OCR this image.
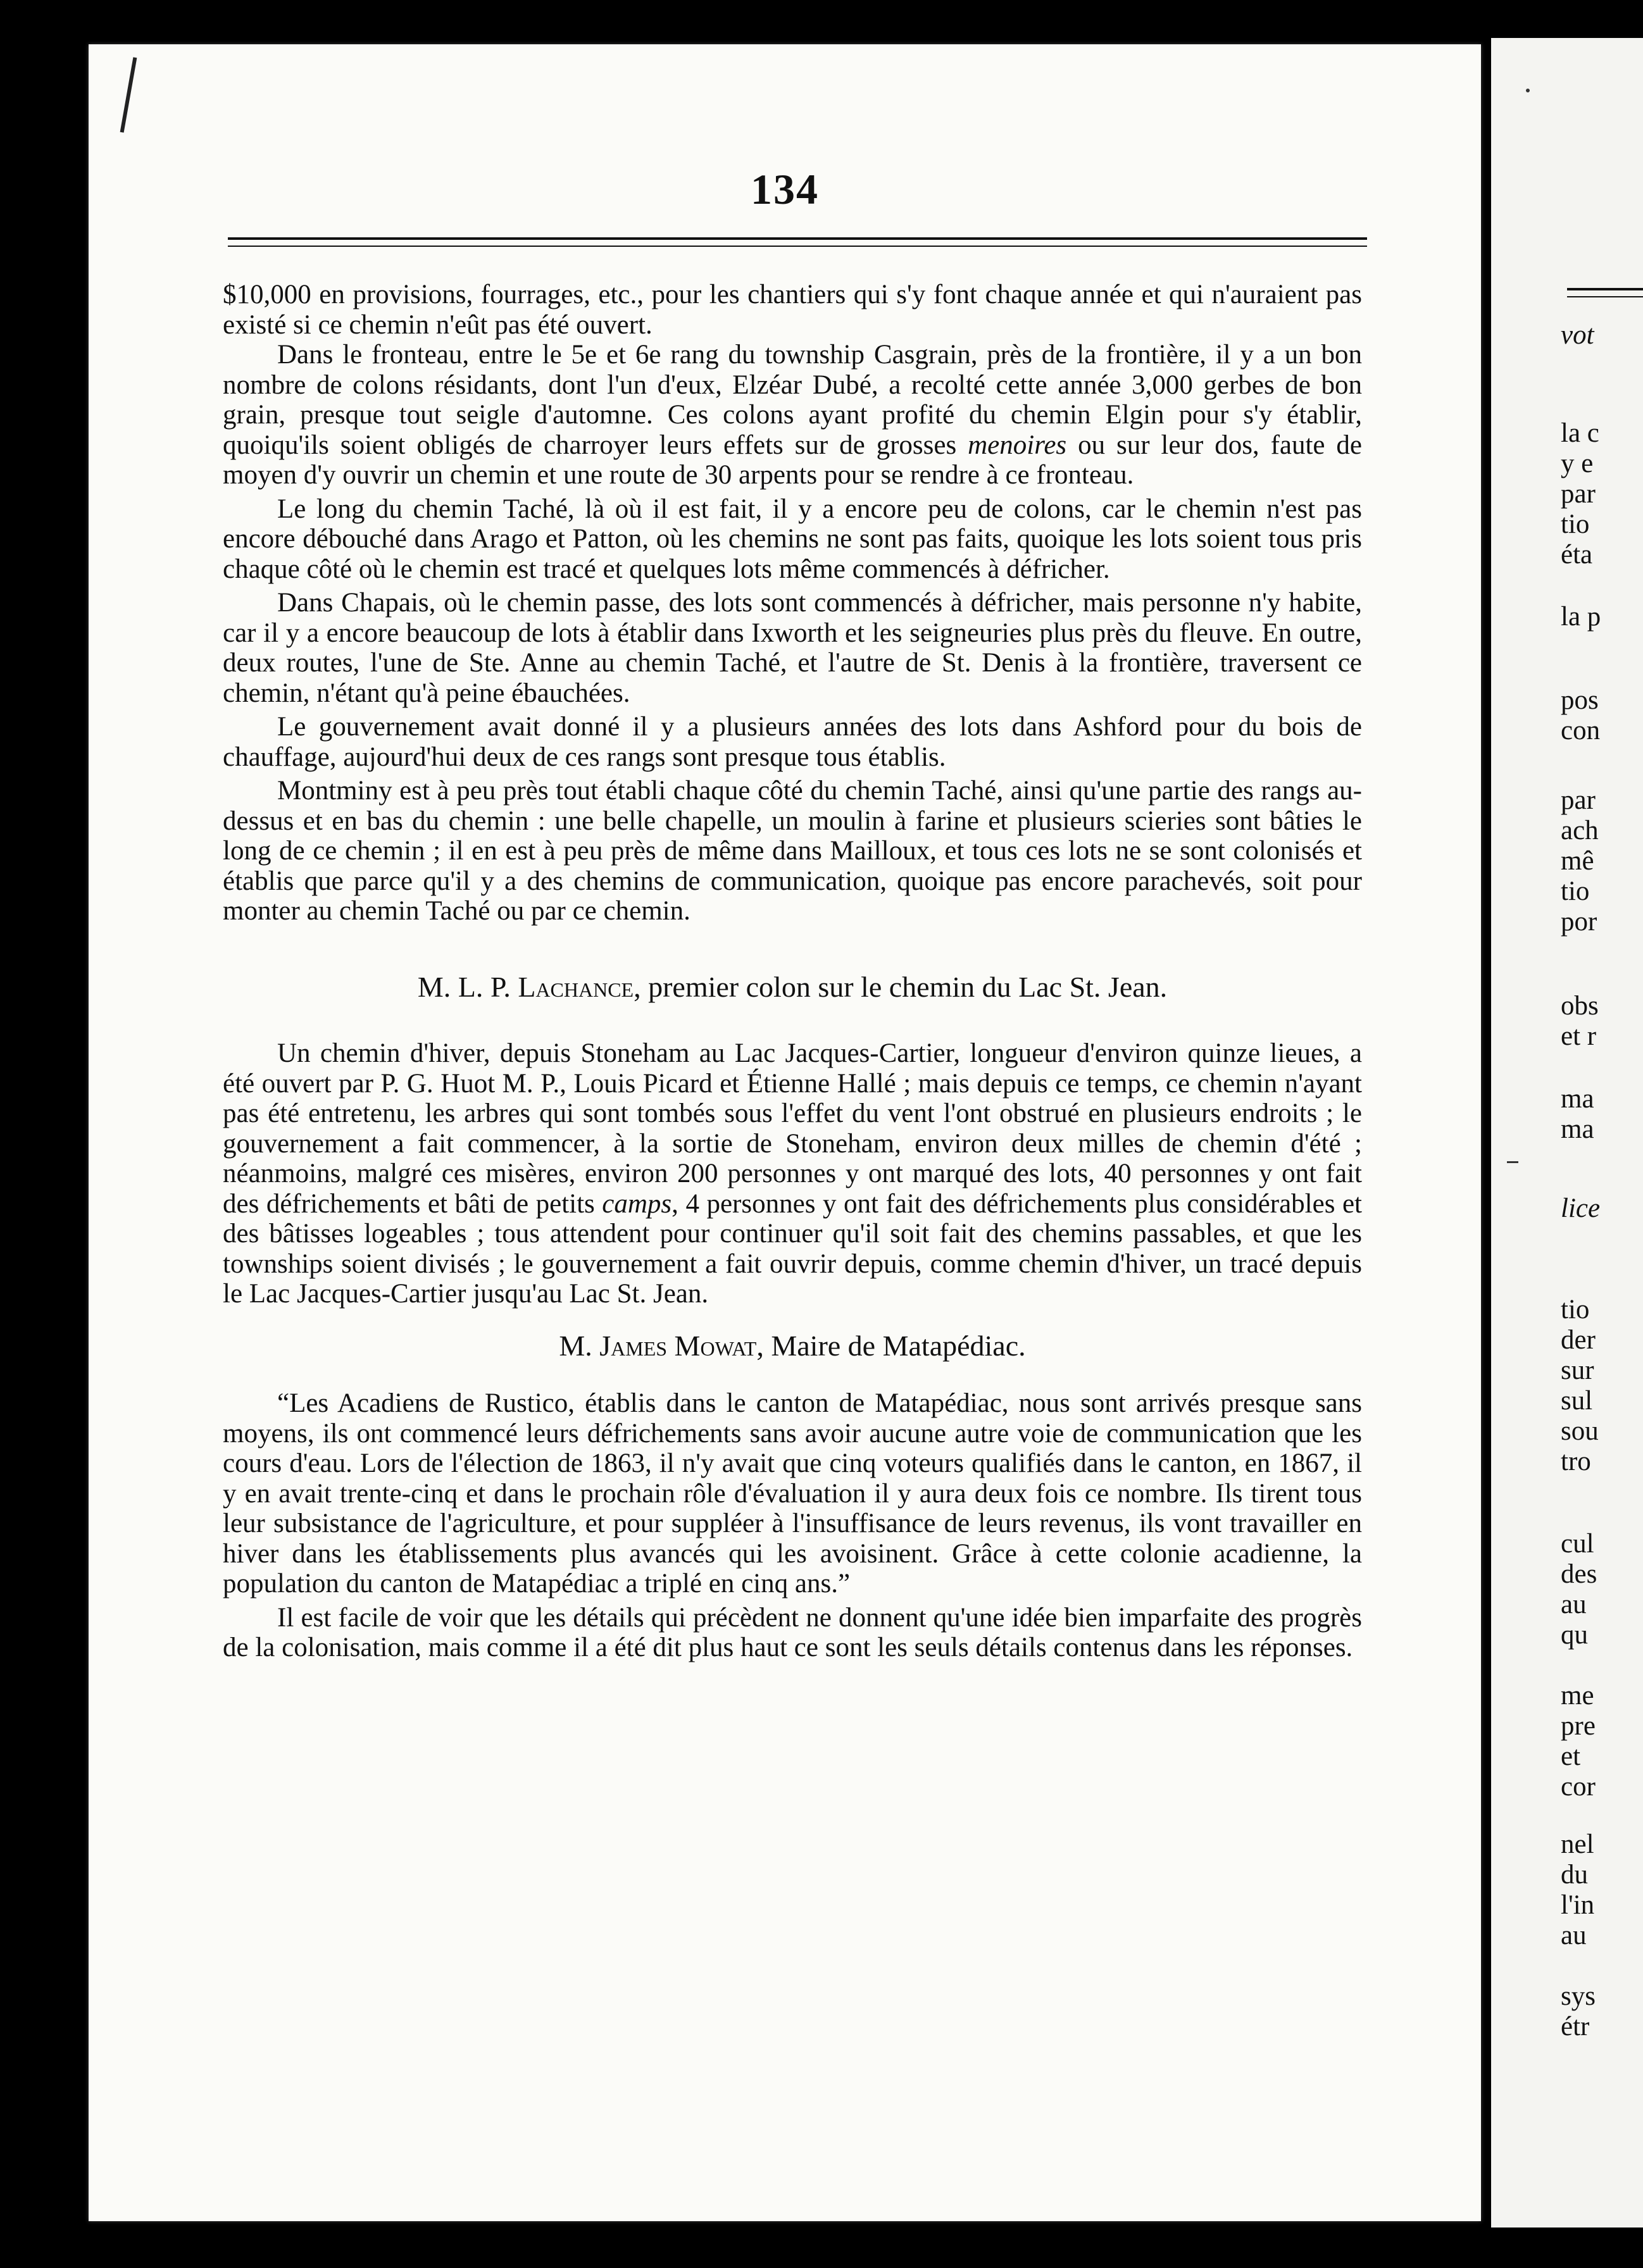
134

$10,000 en provisions, fourrages, etc., pour les chantiers qui s'y font chaque année et qui n'auraient pas existé si ce chemin n'eût pas été ouvert.

Dans le fronteau, entre le 5e et 6e rang du township Casgrain, près de la frontière, il y a un bon nombre de colons résidants, dont l'un d'eux, Elzéar Dubé, a recolté cette année 3,000 gerbes de bon grain, presque tout seigle d'automne. Ces colons ayant profité du chemin Elgin pour s'y établir, quoiqu'ils soient obligés de charroyer leurs effets sur de grosses menoires ou sur leur dos, faute de moyen d'y ouvrir un chemin et une route de 30 arpents pour se rendre à ce fronteau.

Le long du chemin Taché, là où il est fait, il y a encore peu de colons, car le chemin n'est pas encore débouché dans Arago et Patton, où les chemins ne sont pas faits, quoique les lots soient tous pris chaque côté où le chemin est tracé et quelques lots même commencés à défricher.

Dans Chapais, où le chemin passe, des lots sont commencés à défricher, mais personne n'y habite, car il y a encore beaucoup de lots à établir dans Ixworth et les seigneuries plus près du fleuve. En outre, deux routes, l'une de Ste. Anne au chemin Taché, et l'autre de St. Denis à la frontière, traversent ce chemin, n'étant qu'à peine ébauchées.

Le gouvernement avait donné il y a plusieurs années des lots dans Ashford pour du bois de chauffage, aujourd'hui deux de ces rangs sont presque tous établis.

Montminy est à peu près tout établi chaque côté du chemin Taché, ainsi qu'une partie des rangs au-dessus et en bas du chemin : une belle chapelle, un moulin à farine et plusieurs scieries sont bâties le long de ce chemin ; il en est à peu près de même dans Mailloux, et tous ces lots ne se sont colonisés et établis que parce qu'il y a des chemins de communication, quoique pas encore parachevés, soit pour monter au chemin Taché ou par ce chemin.

M. L. P. Lachance, premier colon sur le chemin du Lac St. Jean.

Un chemin d'hiver, depuis Stoneham au Lac Jacques-Cartier, longueur d'environ quinze lieues, a été ouvert par P. G. Huot M. P., Louis Picard et Étienne Hallé ; mais depuis ce temps, ce chemin n'ayant pas été entretenu, les arbres qui sont tombés sous l'effet du vent l'ont obstrué en plusieurs endroits ; le gouvernement a fait commencer, à la sortie de Stoneham, environ deux milles de chemin d'été ; néanmoins, malgré ces misères, environ 200 personnes y ont marqué des lots, 40 personnes y ont fait des défrichements et bâti de petits camps, 4 personnes y ont fait des défrichements plus considérables et des bâtisses logeables ; tous attendent pour continuer qu'il soit fait des chemins passables, et que les townships soient divisés ; le gouvernement a fait ouvrir depuis, comme chemin d'hiver, un tracé depuis le Lac Jacques-Cartier jusqu'au Lac St. Jean.

M. James Mowat, Maire de Matapédiac.

“Les Acadiens de Rustico, établis dans le canton de Matapédiac, nous sont arrivés presque sans moyens, ils ont commencé leurs défrichements sans avoir aucune autre voie de communication que les cours d'eau. Lors de l'élection de 1863, il n'y avait que cinq voteurs qualifiés dans le canton, en 1867, il y en avait trente-cinq et dans le prochain rôle d'évaluation il y aura deux fois ce nombre. Ils tirent tous leur subsistance de l'agriculture, et pour suppléer à l'insuffisance de leurs revenus, ils vont travailler en hiver dans les établissements plus avancés qui les avoisinent. Grâce à cette colonie acadienne, la population du canton de Matapédiac a triplé en cinq ans.”

Il est facile de voir que les détails qui précèdent ne donnent qu'une idée bien imparfaite des progrès de la colonisation, mais comme il a été dit plus haut ce sont les seuls détails contenus dans les réponses.

vot
la c
y e
par
tio
éta
la p
pos
con
par
ach
mê
tio
por
obs
et r
ma
ma
lice
tio
der
sur
sul
sou
tro
cul
des
au
qu
me
pre
et
cor
nel
du
l'in
au
sys
étr
